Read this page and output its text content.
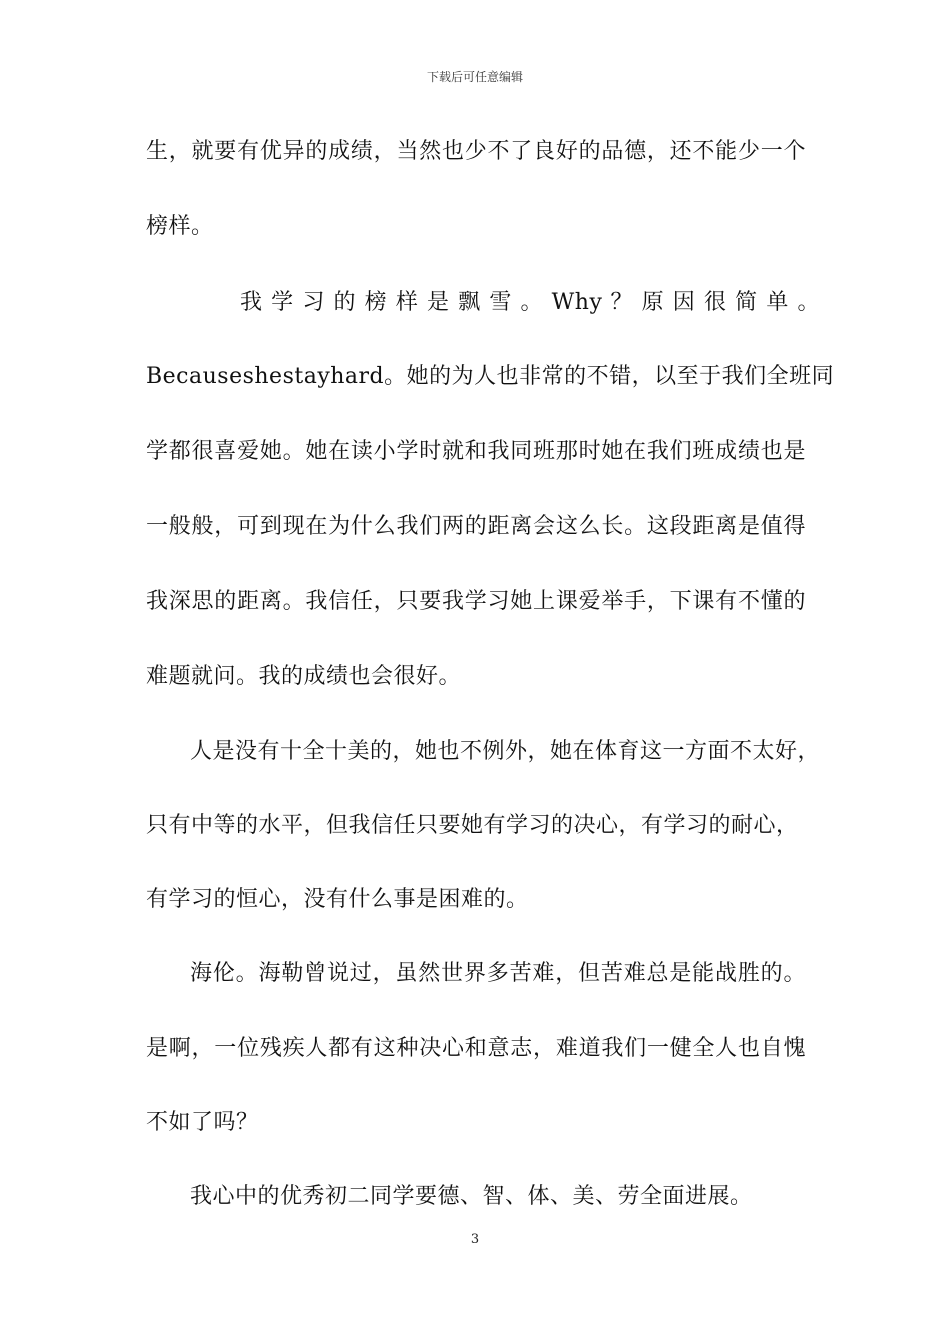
下载后可任意编辑
生，就要有优异的成绩，当然也少不了良好的品德，还不能少一个
榜样。
我 学 习 的 榜 样 是 飘 雪 。 Why ？ 原 因 很 简 单 。
Becauseshestayhard。她的为人也非常的不错，以至于我们全班同
学都很喜爱她。她在读小学时就和我同班那时她在我们班成绩也是
一般般，可到现在为什么我们两的距离会这么长。这段距离是值得
我深思的距离。我信任，只要我学习她上课爱举手，下课有不懂的
难题就问。我的成绩也会很好。
人是没有十全十美的，她也不例外，她在体育这一方面不太好，
只有中等的水平，但我信任只要她有学习的决心，有学习的耐心，
有学习的恒心，没有什么事是困难的。
海伦。海勒曾说过，虽然世界多苦难，但苦难总是能战胜的。
是啊，一位残疾人都有这种决心和意志，难道我们一健全人也自愧
不如了吗？
我心中的优秀初二同学要德、智、体、美、劳全面进展。
3
